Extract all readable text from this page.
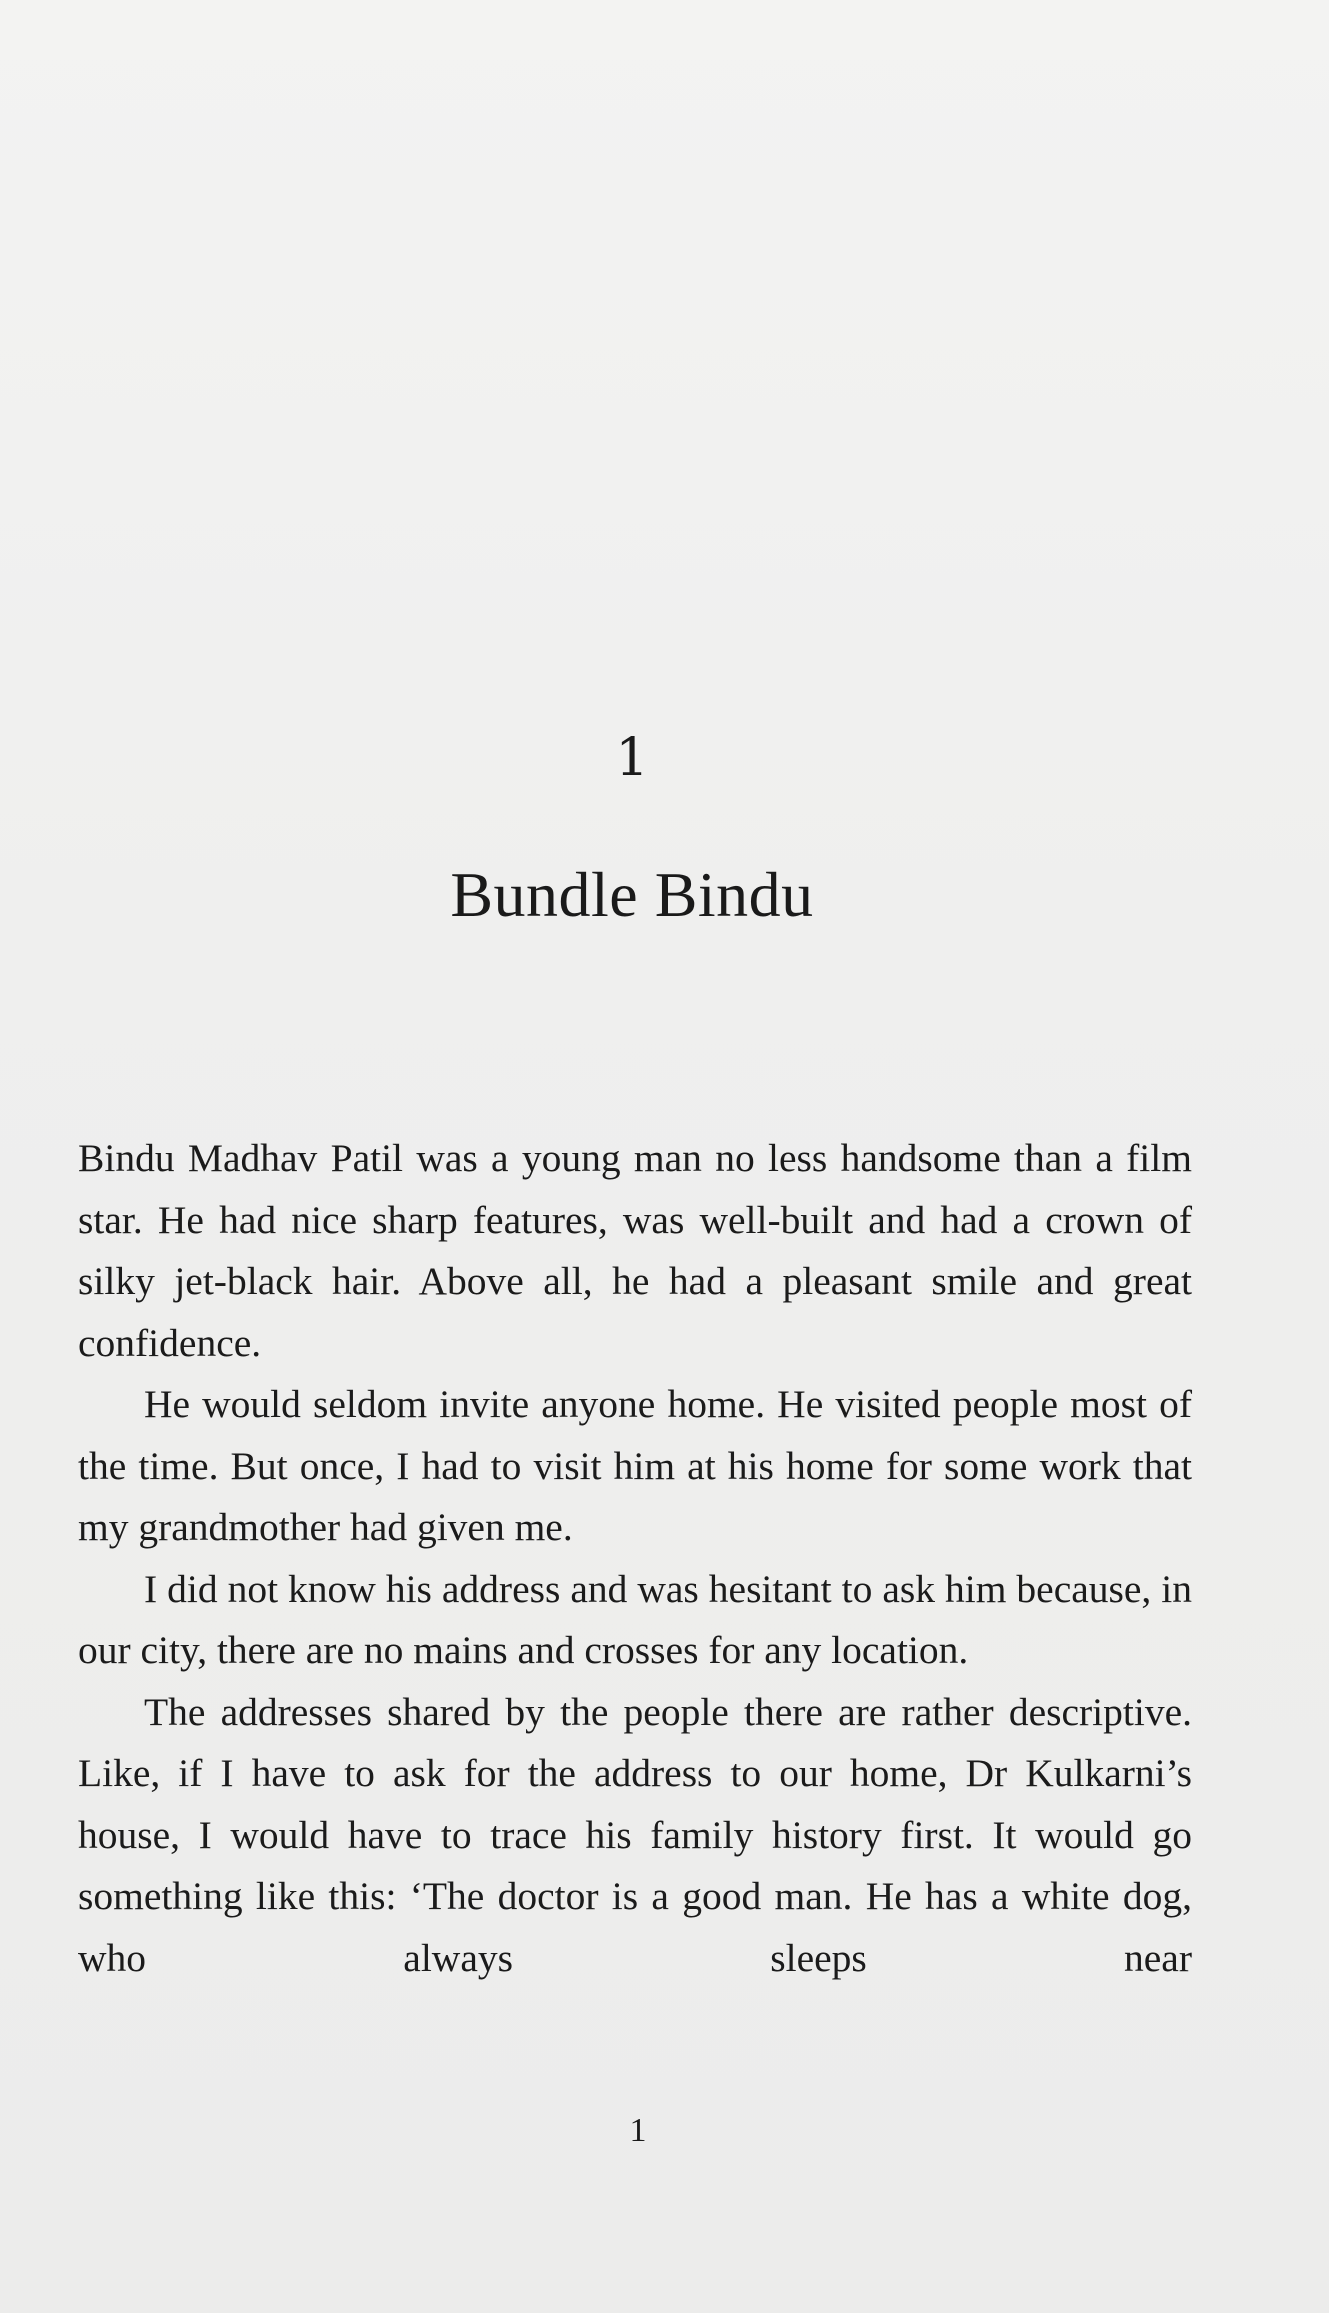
1
Bundle Bindu

Bindu Madhav Patil was a young man no less handsome than a film star. He had nice sharp features, was well-built and had a crown of silky jet-black hair. Above all, he had a pleasant smile and great confidence.

He would seldom invite anyone home. He visited people most of the time. But once, I had to visit him at his home for some work that my grandmother had given me.

I did not know his address and was hesitant to ask him because, in our city, there are no mains and crosses for any location.

The addresses shared by the people there are rather descriptive. Like, if I have to ask for the address to our home, Dr Kulkarni’s house, I would have to trace his family history first. It would go something like this: ‘The doctor is a good man. He has a white dog, who always sleeps near

1
